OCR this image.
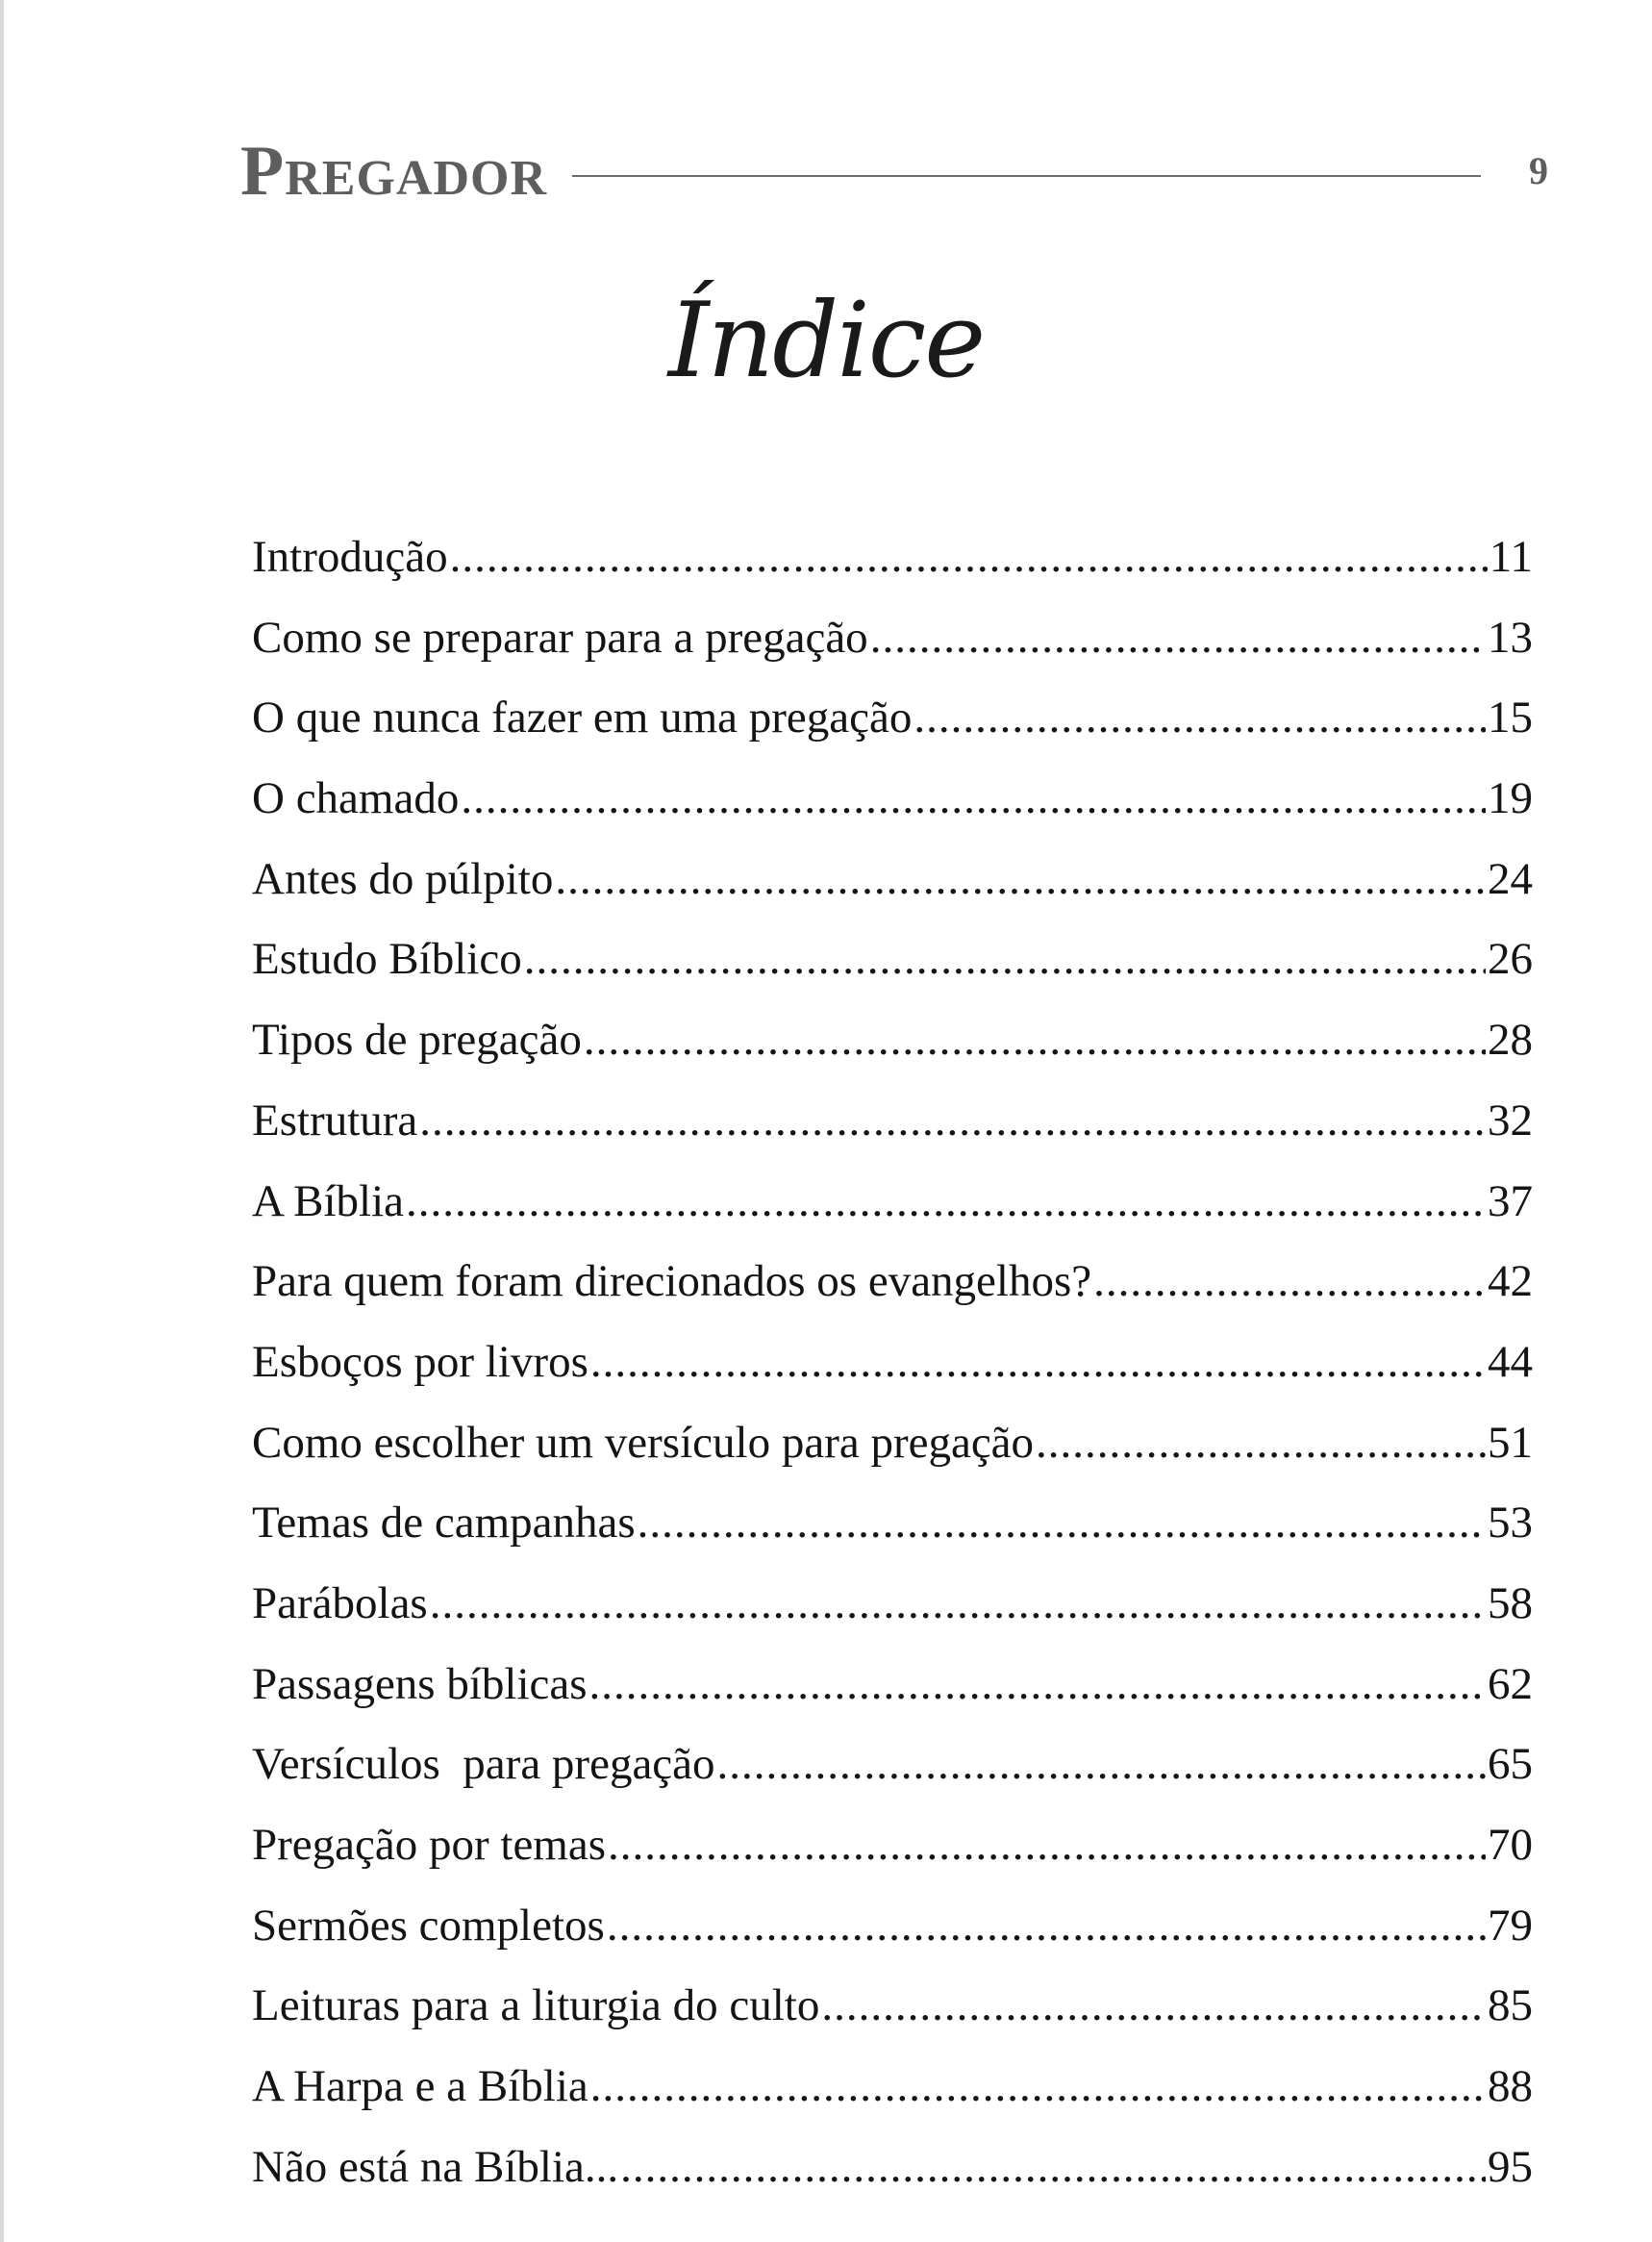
Pregador	9
Índice
Introdução .....	11
Como se preparar para a pregação .....	13
O que nunca fazer em uma pregação .....	15
O chamado .....	19
Antes do púlpito .....	24
Estudo Bíblico .....	26
Tipos de pregação .....	28
Estrutura .....	32
A Bíblia .....	37
Para quem foram direcionados os evangelhos? .....	42
Esboços por livros .....	44
Como escolher um versículo para pregação .....	51
Temas de campanhas .....	53
Parábolas .....	58
Passagens bíblicas .....	62
Versículos  para pregação .....	65
Pregação por temas .....	70
Sermões completos .....	79
Leituras para a liturgia do culto .....	85
A Harpa e a Bíblia .....	88
Não está na Bíblia... .....	95
